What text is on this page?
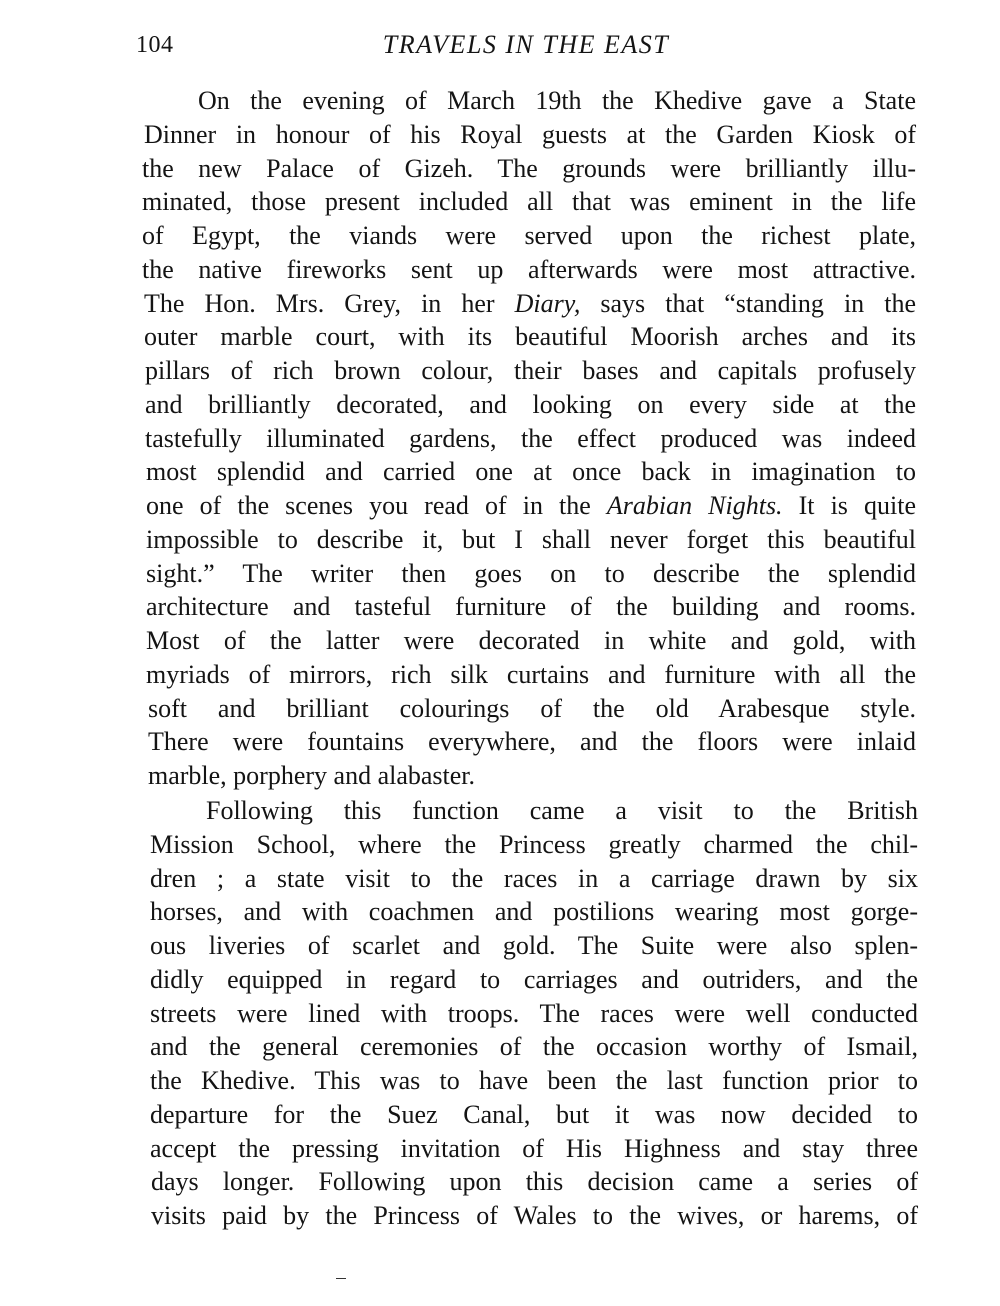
104	TRAVELS IN THE EAST
On the evening of March 19th the Khedive gave a State
Dinner in honour of his Royal guests at the Garden Kiosk of
the new Palace of Gizeh. The grounds were brilliantly illu-
minated, those present included all that was eminent in the life
of Egypt, the viands were served upon the richest plate,
the native fireworks sent up afterwards were most attractive.
The Hon. Mrs. Grey, in her Diary, says that “standing in the
outer marble court, with its beautiful Moorish arches and its
pillars of rich brown colour, their bases and capitals profusely
and brilliantly decorated, and looking on every side at the
tastefully illuminated gardens, the effect produced was indeed
most splendid and carried one at once back in imagination to
one of the scenes you read of in the Arabian Nights. It is quite
impossible to describe it, but I shall never forget this beautiful
sight.” The writer then goes on to describe the splendid
architecture and tasteful furniture of the building and rooms.
Most of the latter were decorated in white and gold, with
myriads of mirrors, rich silk curtains and furniture with all the
soft and brilliant colourings of the old Arabesque style.
There were fountains everywhere, and the floors were inlaid
marble, porphery and alabaster.
Following this function came a visit to the British
Mission School, where the Princess greatly charmed the chil-
dren ; a state visit to the races in a carriage drawn by six
horses, and with coachmen and postilions wearing most gorge-
ous liveries of scarlet and gold. The Suite were also splen-
didly equipped in regard to carriages and outriders, and the
streets were lined with troops. The races were well conducted
and the general ceremonies of the occasion worthy of Ismail,
the Khedive. This was to have been the last function prior to
departure for the Suez Canal, but it was now decided to
accept the pressing invitation of His Highness and stay three
days longer. Following upon this decision came a series of
visits paid by the Princess of Wales to the wives, or harems, of
